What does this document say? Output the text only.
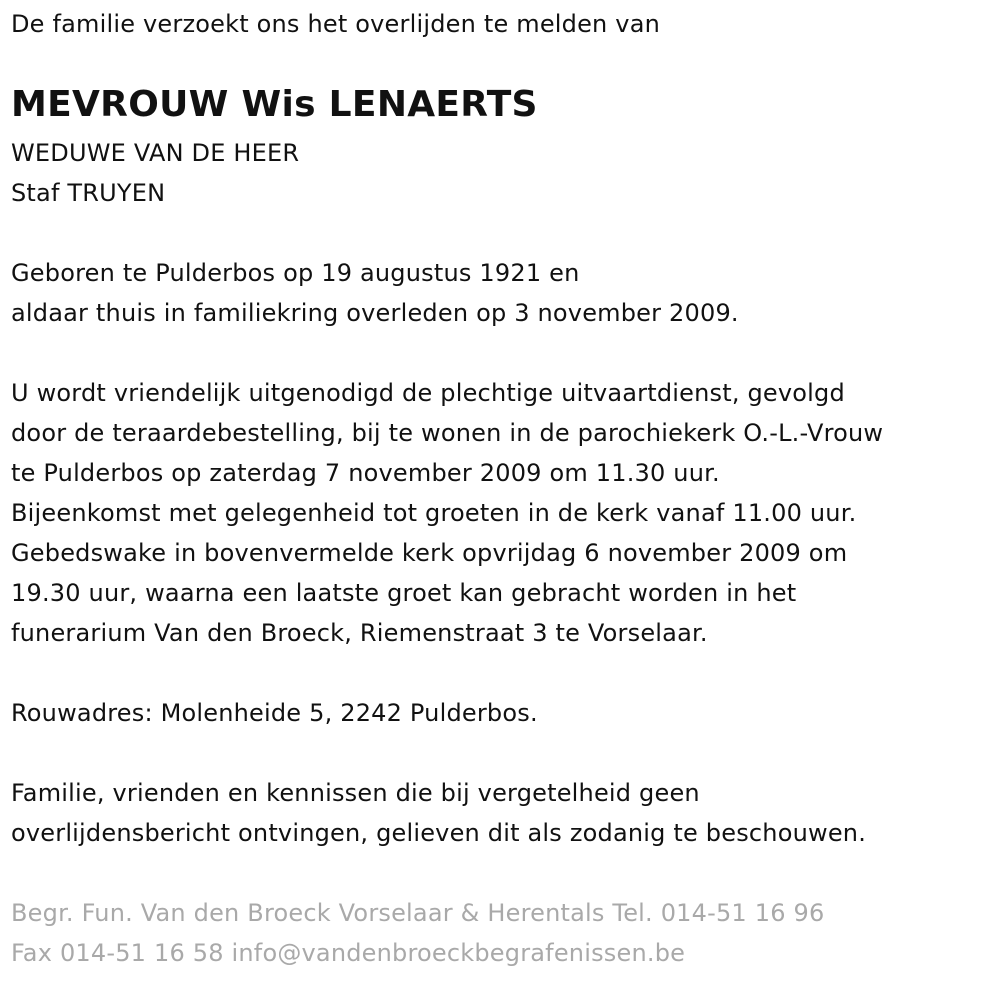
De familie verzoekt ons het overlijden te melden van
MEVROUW Wis LENAERTS
WEDUWE VAN DE HEER
Staf TRUYEN
Geboren te Pulderbos op 19 augustus 1921 en
aldaar thuis in familiekring overleden op 3 november 2009.
U wordt vriendelijk uitgenodigd de plechtige uitvaartdienst, gevolgd
door de teraardebestelling, bij te wonen in de parochiekerk O.-L.-Vrouw
te Pulderbos op zaterdag 7 november 2009 om 11.30 uur.
Bijeenkomst met gelegenheid tot groeten in de kerk vanaf 11.00 uur.
Gebedswake in bovenvermelde kerk opvrijdag 6 november 2009 om
19.30 uur, waarna een laatste groet kan gebracht worden in het
funerarium Van den Broeck, Riemenstraat 3 te Vorselaar.
Rouwadres: Molenheide 5, 2242 Pulderbos.
Familie, vrienden en kennissen die bij vergetelheid geen
overlijdensbericht ontvingen, gelieven dit als zodanig te beschouwen.
Begr. Fun. Van den Broeck Vorselaar & Herentals Tel. 014-51 16 96
Fax 014-51 16 58 info@vandenbroeckbegrafenissen.be
